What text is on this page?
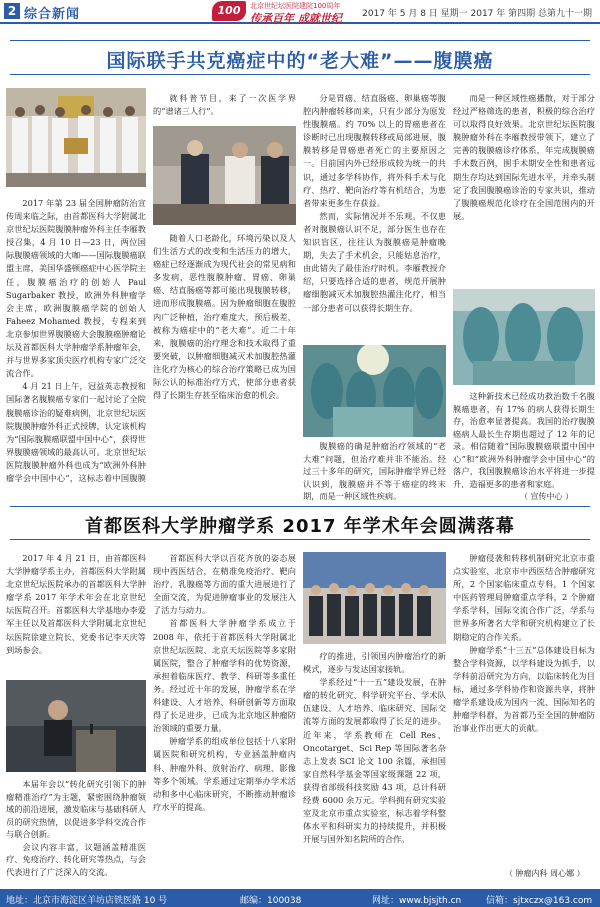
2 综合新闻	100	北京世纪坛医院建院100周年
传承百年 成就世纪 2017 年 5 月 8 日 星期一 2017 年 第四期 总第九十一期
国际联手共克癌症中的“老大难”——腹膜癌

2017 年第 23 届全国肿瘤防治宣传周来临之际，由首都医科大学附属北京世纪坛医院腹膜肿瘤外科主任李雁教授召集，4 月 10 日—23 日，两位国际腹膜癌领域的大咖——国际腹膜癌联盟主席，美国华盛顿癌症中心医学院主任，腹膜癌治疗的创始人 Paul Sugarbaker 教授，欧洲外科肿瘤学会主席，欧洲腹膜癌学院的创始人 Faheez Mohamed 教授，专程来到北京参加世界腹膜癌大会腹膜癌肿瘤论坛及首都医科大学肿瘤学系肿瘤年会，并与世界多家顶尖医疗机构专家广泛交流合作。

4 月 21 日上午，冠益英志教授和国际著名腹膜癌专家们一起讨论了全院腹膜癌诊治的疑难病例，北京世纪坛医院腹膜肿瘤外科正式授牌，认定该机构为“国际腹膜癌联盟中国中心”，获得世界腹膜癌领域的最高认可。北京世纪坛医院腹膜肿瘤外科也成为“欧洲外科肿瘤学会中国中心”，这标志着中国腹膜

就科普节目，来了一次医学界的“谱诸三人行”。

随着人口老龄化，环境污染以及人们生活方式的改变和生活压力的增大，癌症已经逐渐成为现代社会的常见病和多发病，恶性腹膜肿瘤、胃癌、卵巢癌、结直肠癌等都可能出现腹膜转移，进而形成腹膜癌。因为肿瘤细胞在腹腔内广泛种植，治疗难度大，预后极差，被称为癌症中的“老大难”。近二十年来，腹膜癌的治疗理念和技术取得了重要突破，以肿瘤细胞减灭术加腹腔热灌注化疗为核心的综合治疗策略已成为国际公认的标准治疗方式，使部分患者获得了长期生存甚至临床治愈的机会。

分是胃癌、结直肠癌、卵巢癌等腹腔内肿瘤转移而来，只有少部分为原发性腹膜癌。约 70% 以上的胃癌患者在诊断时已出现腹膜转移或局部进展，腹膜转移是胃癌患者死亡的主要原因之一。目前国内外已经形成较为统一的共识，通过多学科协作，将外科手术与化疗、热疗、靶向治疗等有机结合，为患者带来更多生存获益。

然而，实际情况并不乐观。不仅患者对腹膜癌认识不足，部分医生也存在知识盲区，往往认为腹膜癌是肿瘤晚期，失去了手术机会，只能姑息治疗，由此错失了最佳治疗时机。李雁教授介绍，只要选择合适的患者，规范开展肿瘤细胞减灭术加腹腔热灌注化疗，相当一部分患者可以获得长期生存。

腹膜癌的确是肿瘤治疗领域的“老大难”问题，但治疗难并非不能治。经过三十多年的研究，国际肿瘤学界已经认识到，腹膜癌并不等于癌症的终末期，而是一种区域性疾病。

而是一种区域性癌播散，对于部分经过严格筛选的患者，积极的综合治疗可以取得良好效果。北京世纪坛医院腹膜肿瘤外科在李雁教授带领下，建立了完善的腹膜癌诊疗体系，年完成腹膜癌手术数百例，围手术期安全性和患者远期生存均达到国际先进水平，并牵头制定了我国腹膜癌诊治的专家共识，推动了腹膜癌规范化诊疗在全国范围内的开展。

这种新技术已经成功救治数千名腹膜癌患者，有 17% 的病人获得长期生存，治愈率显著提高。我国的治疗腹膜癌病人最长生存期也超过了 12 年的记录。相信随着“国际腹膜癌联盟中国中心”和“欧洲外科肿瘤学会中国中心”的落户，我国腹膜癌诊治水平将进一步提升，造福更多的患者和家庭。

（ 宣传中心 ）
首都医科大学肿瘤学系 2017 年学术年会圆满落幕

2017 年 4 月 21 日，由首都医科大学肿瘤学系主办，首都医科大学附属北京世纪坛医院承办的首都医科大学肿瘤学系 2017 年学术年会在北京世纪坛医院召开。首都医科大学基地办李爱军主任以及首都医科大学附属北京世纪坛医院徐建立院长、党委书记李天庆等到场参会。

本届年会以“转化研究引领下的肿瘤精准治疗”为主题，紧密围绕肿瘤领域的前沿进展，激发临床与基础科研人员的研究热情，以促进多学科交流合作与联合创新。

会议内容丰富，议题涵盖精准医疗、免疫治疗、转化研究等热点，与会代表进行了广泛深入的交流。

首都医科大学以百花齐放的姿态展现中西医结合，在精准免疫治疗、靶向治疗、乳腺癌等方面的重大进展进行了全面交流，为促进肿瘤事业的发展注入了活力与动力。

首都医科大学肿瘤学系成立于 2008 年，依托于首都医科大学附属北京世纪坛医院、北京天坛医院等多家附属医院，整合了肿瘤学科的优势资源，承担着临床医疗、教学、科研等多重任务。经过近十年的发展，肿瘤学系在学科建设、人才培养、科研创新等方面取得了长足进步，已成为北京地区肿瘤防治领域的重要力量。

肿瘤学系的组成单位包括十八家附属医院和研究机构，专业涵盖肿瘤内科、肿瘤外科、放射治疗、病理、影像等多个领域。学系通过定期举办学术活动和多中心临床研究，不断推动肿瘤诊疗水平的提高。

疗的推进，引领国内肿瘤治疗的新模式，逐步与发达国家接轨。

学系经过“十一五”建设发展，在肿瘤的转化研究、科学研究平台、学术队伍建设、人才培养、临床研究、国际交流等方面的发展都取得了长足的进步。近年来，学系教师在 Cell Res、Oncotarget、Sci Rep 等国际著名杂志上发表 SCI 论文 100 余篇，承担国家自然科学基金等国家级课题 22 项，获得省部级科技奖励 43 项，总计科研经费 6000 余万元。学科拥有研究实验室及北京市重点实验室，标志着学科整体水平和科研实力的持续提升，并积极开展与国外知名院所的合作。

肿瘤侵袭和转移机制研究北京市重点实验室，北京市中西医结合肿瘤研究所，2 个国家临床重点专科，1 个国家中医药管理局肿瘤重点学科，2 个肿瘤学系学科，国际交流合作广泛，学系与世界多所著名大学和研究机构建立了长期稳定的合作关系。

肿瘤学系“十三五”总体建设目标为整合学科资源，以学科建设为抓手，以学科前沿研究为方向，以临床转化为目标，通过多学科协作和资源共享，将肿瘤学系建设成为国内一流、国际知名的肿瘤学科群，为首都乃至全国的肿瘤防治事业作出更大的贡献。

（ 肿瘤内科 周心娜 ）
地址：北京市海淀区羊坊店铁医路 10 号	邮编：100038	网址：www.bjsjth.cn	信箱：sjtxczx@163.com
